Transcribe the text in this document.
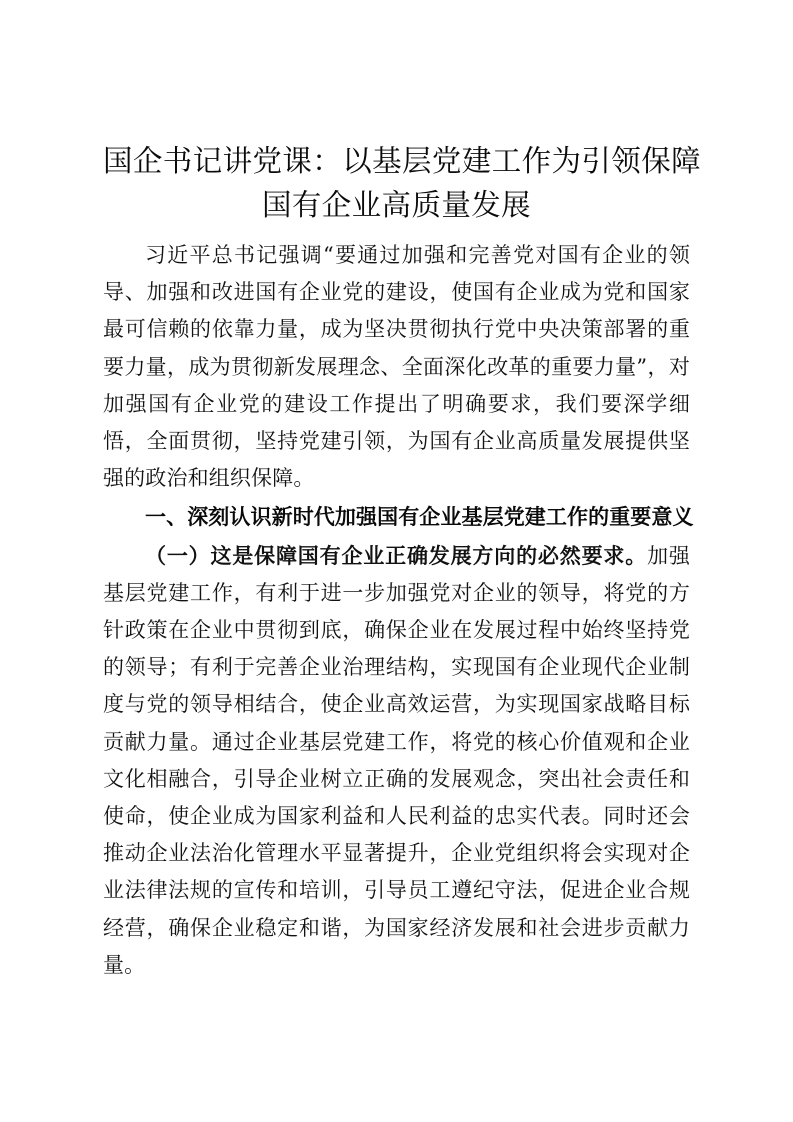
国企书记讲党课：以基层党建工作为引领保障
国有企业高质量发展

习近平总书记强调“要通过加强和完善党对国有企业的领导、加强和改进国有企业党的建设，使国有企业成为党和国家最可信赖的依靠力量，成为坚决贯彻执行党中央决策部署的重要力量，成为贯彻新发展理念、全面深化改革的重要力量”，对加强国有企业党的建设工作提出了明确要求，我们要深学细悟，全面贯彻，坚持党建引领，为国有企业高质量发展提供坚强的政治和组织保障。

一、深刻认识新时代加强国有企业基层党建工作的重要意义

（一）这是保障国有企业正确发展方向的必然要求。加强基层党建工作，有利于进一步加强党对企业的领导，将党的方针政策在企业中贯彻到底，确保企业在发展过程中始终坚持党的领导；有利于完善企业治理结构，实现国有企业现代企业制度与党的领导相结合，使企业高效运营，为实现国家战略目标贡献力量。通过企业基层党建工作，将党的核心价值观和企业文化相融合，引导企业树立正确的发展观念，突出社会责任和使命，使企业成为国家利益和人民利益的忠实代表。同时还会推动企业法治化管理水平显著提升，企业党组织将会实现对企业法律法规的宣传和培训，引导员工遵纪守法，促进企业合规经营，确保企业稳定和谐，为国家经济发展和社会进步贡献力量。
